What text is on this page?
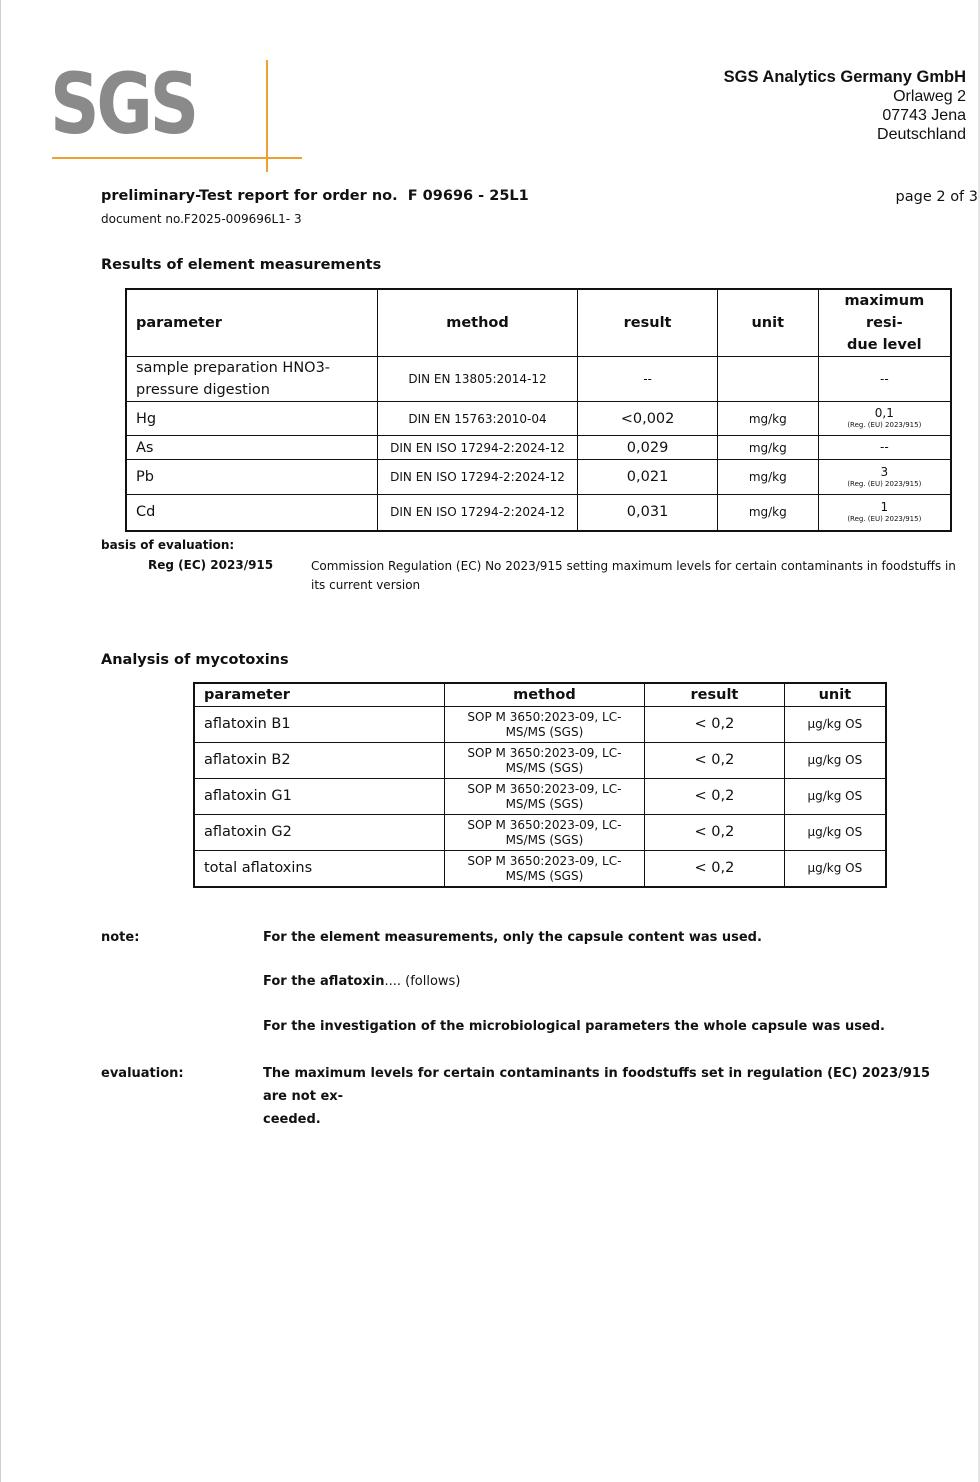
SGS	SGS Analytics Germany GmbH
Orlaweg 2
07743 Jena
Deutschland
preliminary-Test report for order no.  F 09696 - 25L1
document no.F2025-009696L1- 3
page 2 of 3
Results of element measurements
parameter	method	result	unit	maximum resi-
due level
sample preparation HNO3-
pressure digestion	DIN EN 13805:2014-12	--		--

Hg	DIN EN 15763:2010-04	<0,002	mg/kg	0,1
(Reg. (EU) 2023/915)

As	DIN EN ISO 17294-2:2024-12	0,029	mg/kg	--

Pb	DIN EN ISO 17294-2:2024-12	0,021	mg/kg	3
(Reg. (EU) 2023/915)

Cd	DIN EN ISO 17294-2:2024-12	0,031	mg/kg	1
(Reg. (EU) 2023/915)
basis of evaluation:
Reg (EC) 2023/915	Commission Regulation (EC) No 2023/915 setting maximum levels for certain contaminants in foodstuffs in its current version
Analysis of mycotoxins
parameter	method	result	unit
aflatoxin B1	SOP M 3650:2023-09, LC-
MS/MS (SGS)	< 0,2	µg/kg OS
aflatoxin B2	SOP M 3650:2023-09, LC-
MS/MS (SGS)	< 0,2	µg/kg OS
aflatoxin G1	SOP M 3650:2023-09, LC-
MS/MS (SGS)	< 0,2	µg/kg OS
aflatoxin G2	SOP M 3650:2023-09, LC-
MS/MS (SGS)	< 0,2	µg/kg OS
total aflatoxins	SOP M 3650:2023-09, LC-
MS/MS (SGS)	< 0,2	µg/kg OS
note:	For the element measurements, only the capsule content was used.
For the aflatoxin.... (follows)
For the investigation of the microbiological parameters the whole capsule was used.
evaluation:	The maximum levels for certain contaminants in foodstuffs set in regulation (EC) 2023/915 are not ex-
ceeded.
